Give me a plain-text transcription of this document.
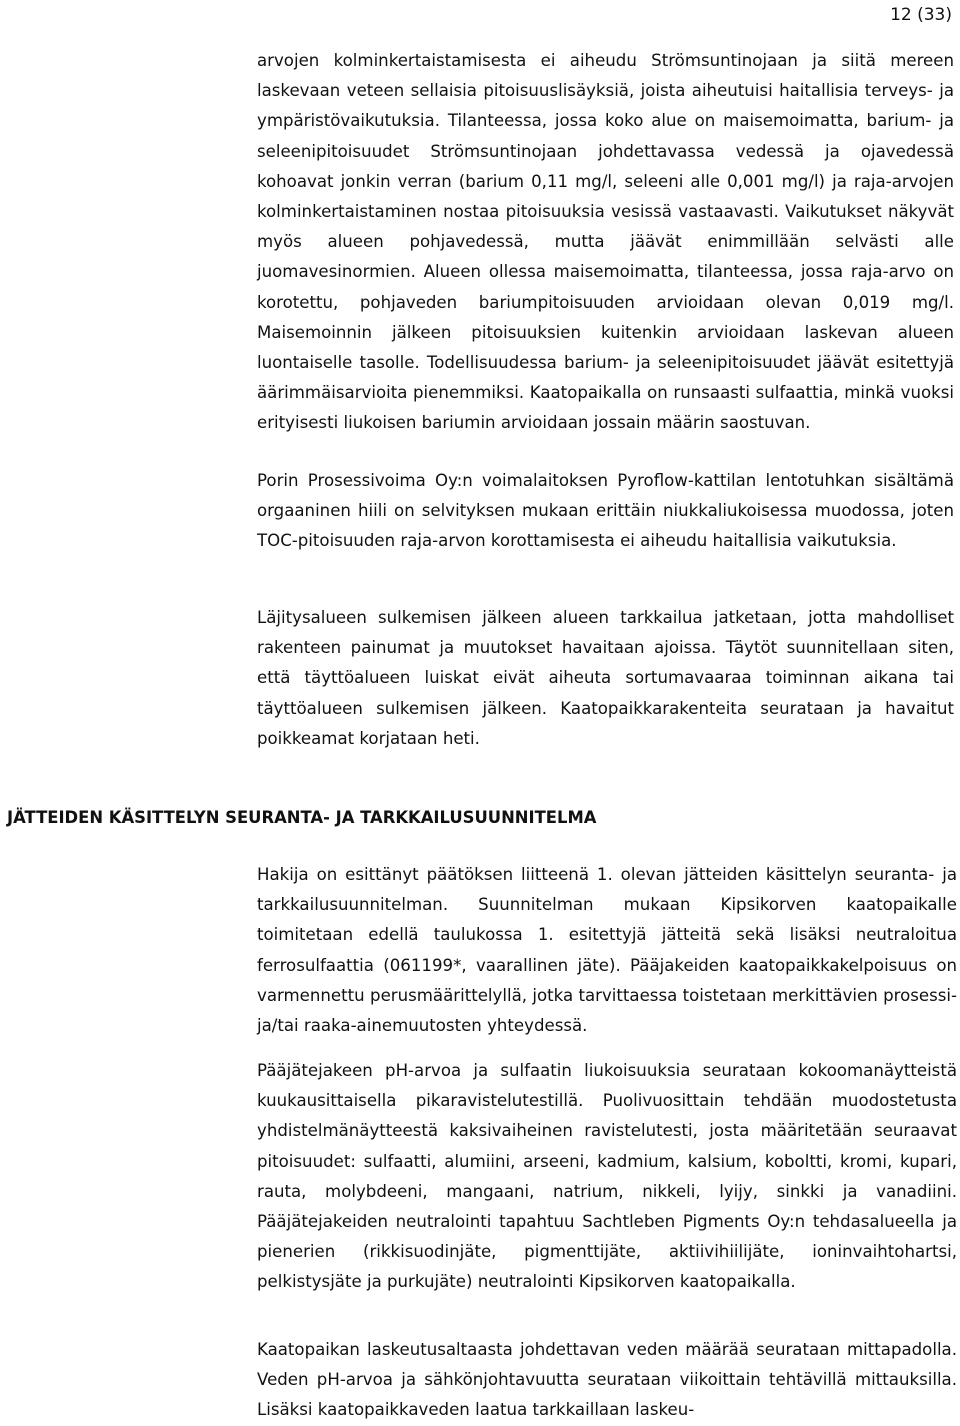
12 (33)

arvojen kolminkertaistamisesta ei aiheudu Strömsuntinojaan ja siitä mereen laskevaan veteen sellaisia pitoisuuslisäyksiä, joista aiheutuisi haitallisia terveys- ja ympäristövaikutuksia. Tilanteessa, jossa koko alue on maisemoimatta, barium- ja seleenipitoisuudet Strömsuntinojaan johdettavassa vedessä ja ojavedessä kohoavat jonkin verran (barium 0,11 mg/l, seleeni alle 0,001 mg/l) ja raja-arvojen kolminkertaistaminen nostaa pitoisuuksia vesissä vastaavasti. Vaikutukset näkyvät myös alueen pohjavedessä, mutta jäävät enimmillään selvästi alle juomavesinormien. Alueen ollessa maisemoimatta, tilanteessa, jossa raja-arvo on korotettu, pohjaveden bariumpitoisuuden arvioidaan olevan 0,019 mg/l. Maisemoinnin jälkeen pitoisuuksien kuitenkin arvioidaan laskevan alueen luontaiselle tasolle. Todellisuudessa barium- ja seleenipitoisuudet jäävät esitettyjä äärimmäisarvioita pienemmiksi. Kaatopaikalla on runsaasti sulfaattia, minkä vuoksi erityisesti liukoisen bariumin arvioidaan jossain määrin saostuvan.

Porin Prosessivoima Oy:n voimalaitoksen Pyroflow-kattilan lentotuhkan sisältämä orgaaninen hiili on selvityksen mukaan erittäin niukkaliukoisessa muodossa, joten TOC-pitoisuuden raja-arvon korottamisesta ei aiheudu haitallisia vaikutuksia.

Läjitysalueen sulkemisen jälkeen alueen tarkkailua jatketaan, jotta mahdolliset rakenteen painumat ja muutokset havaitaan ajoissa. Täytöt suunnitellaan siten, että täyttöalueen luiskat eivät aiheuta sortumavaaraa toiminnan aikana tai täyttöalueen sulkemisen jälkeen. Kaatopaikkarakenteita seurataan ja havaitut poikkeamat korjataan heti.

JÄTTEIDEN KÄSITTELYN SEURANTA- JA TARKKAILUSUUNNITELMA

Hakija on esittänyt päätöksen liitteenä 1. olevan jätteiden käsittelyn seuranta- ja tarkkailusuunnitelman. Suunnitelman mukaan Kipsikorven kaatopaikalle toimitetaan edellä taulukossa 1. esitettyjä jätteitä sekä lisäksi neutraloitua ferrosulfaattia (061199*, vaarallinen jäte). Pääjakeiden kaatopaikkakelpoisuus on varmennettu perusmäärittelyllä, jotka tarvittaessa toistetaan merkittävien prosessi- ja/tai raaka-ainemuutosten yhteydessä.

Pääjätejakeen pH-arvoa ja sulfaatin liukoisuuksia seurataan kokoomanäytteistä kuukausittaisella pikaravistelutestillä. Puolivuosittain tehdään muodostetusta yhdistelmänäytteestä kaksivaiheinen ravistelutesti, josta määritetään seuraavat pitoisuudet: sulfaatti, alumiini, arseeni, kadmium, kalsium, koboltti, kromi, kupari, rauta, molybdeeni, mangaani, natrium, nikkeli, lyijy, sinkki ja vanadiini. Pääjätejakeiden neutralointi tapahtuu Sachtleben Pigments Oy:n tehdasalueella ja pienerien (rikkisuodinjäte, pigmenttijäte, aktiivihiilijäte, ioninvaihtohartsi, pelkistysjäte ja purkujäte) neutralointi Kipsikorven kaatopaikalla.

Kaatopaikan laskeutusaltaasta johdettavan veden määrää seurataan mittapadolla. Veden pH-arvoa ja sähkönjohtavuutta seurataan viikoittain tehtävillä mittauksilla. Lisäksi kaatopaikkaveden laatua tarkkaillaan laskeu-
